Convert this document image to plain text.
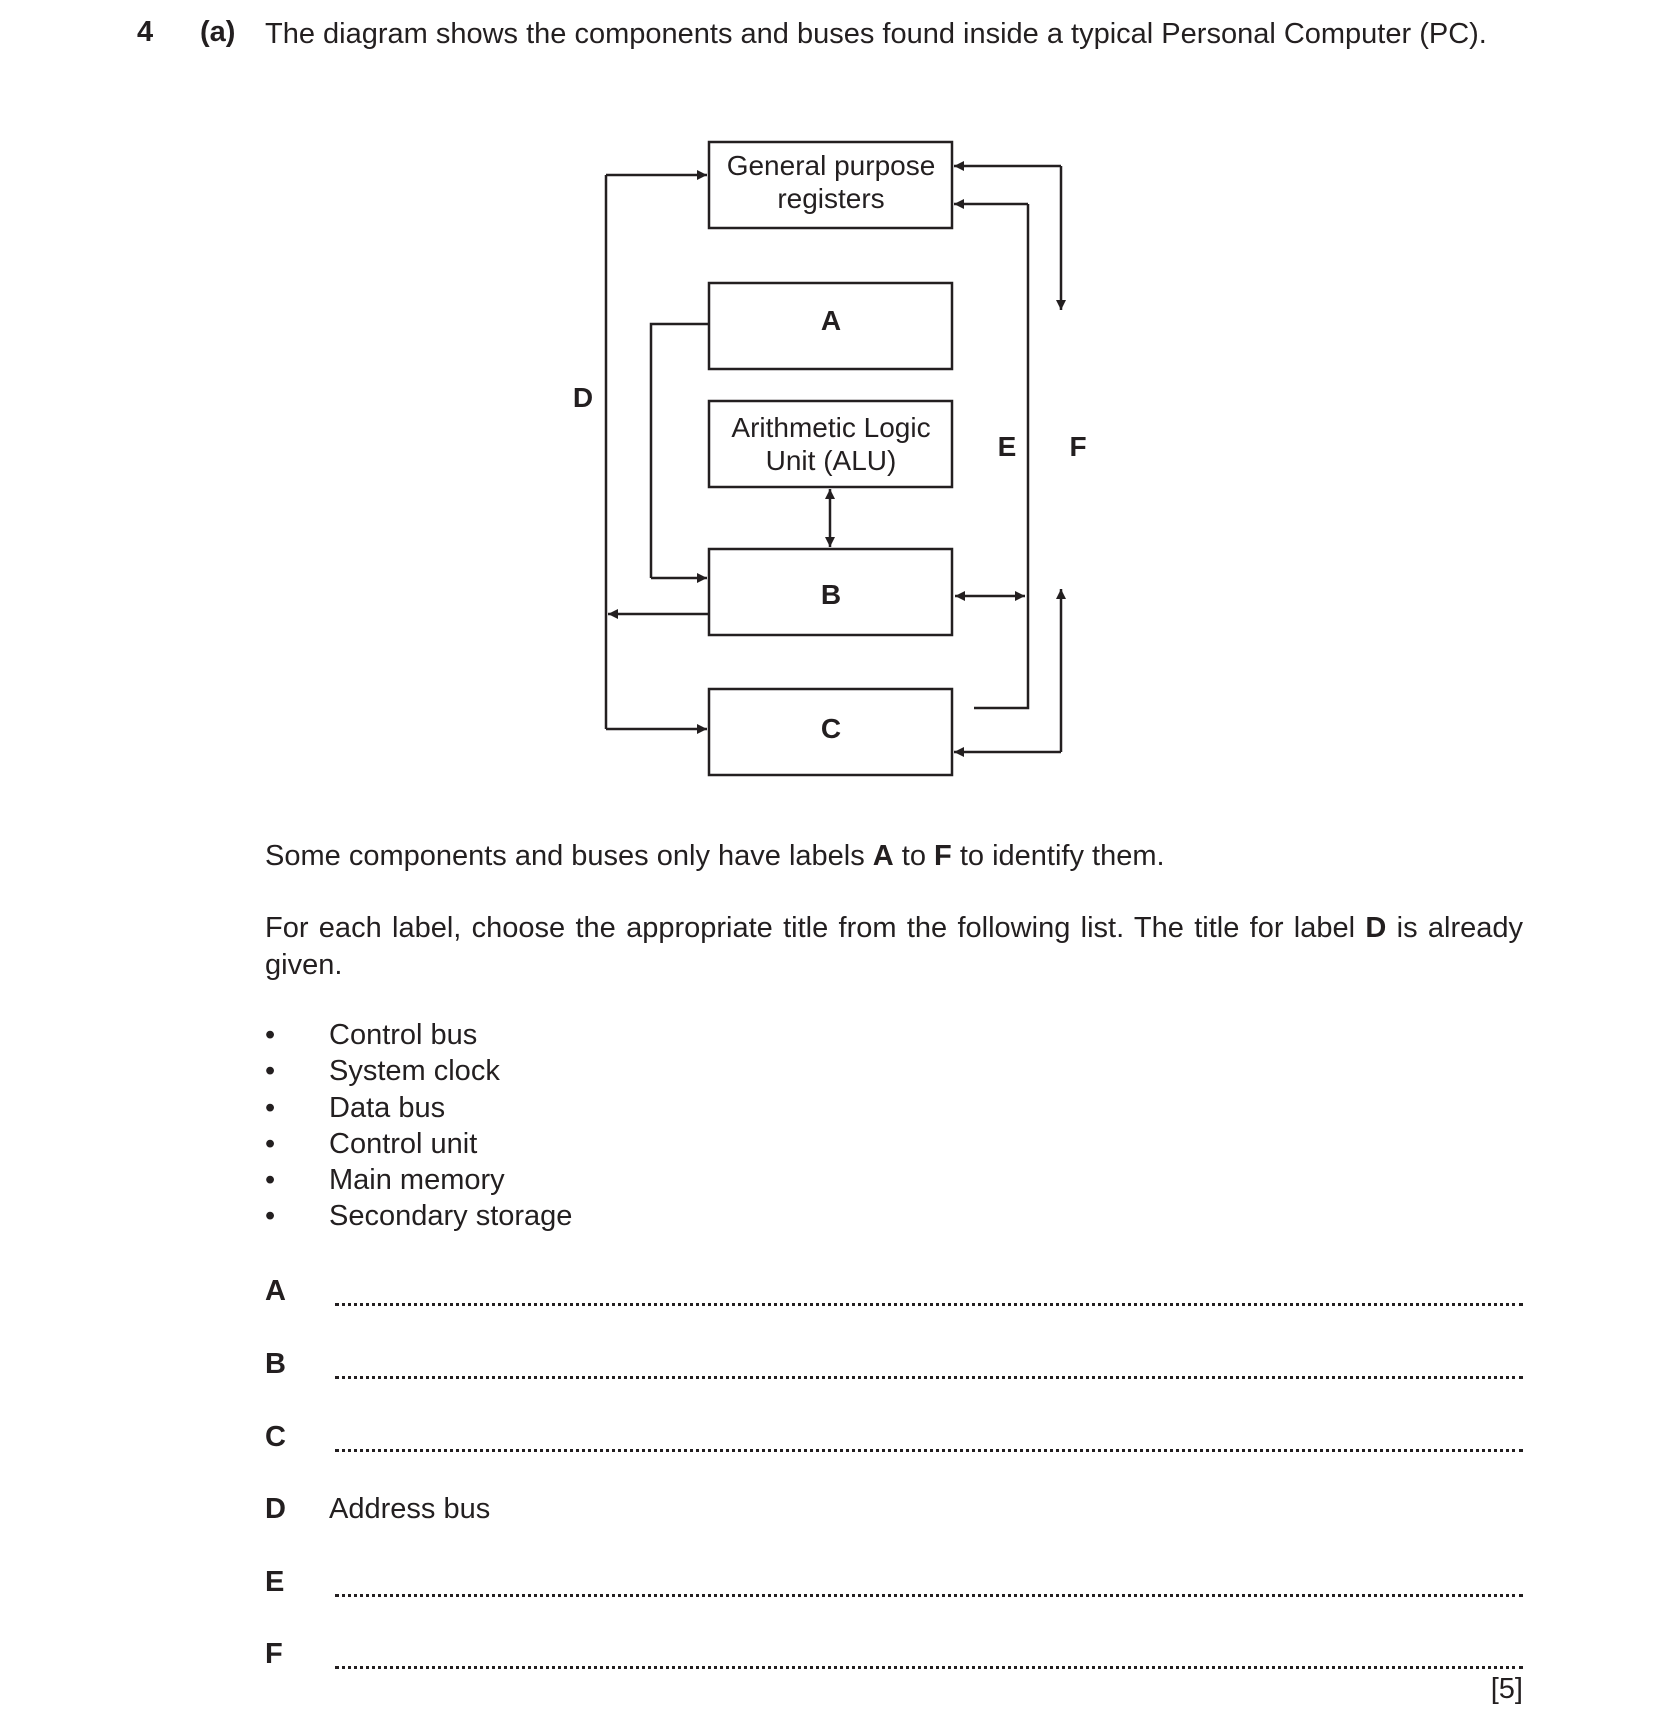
4 (a) The diagram shows the components and buses found inside a typical Personal Computer (PC).
General purpose
registers
A
Arithmetic Logic
Unit (ALU)
B
C
D
E F
Some components and buses only have labels A to F to identify them.
For each label, choose the appropriate title from the following list. The title for label D is already given.
• Control bus
• System clock
• Data bus
• Control unit
• Main memory
• Secondary storage
A
B
C
D Address bus
E
F
[5]
